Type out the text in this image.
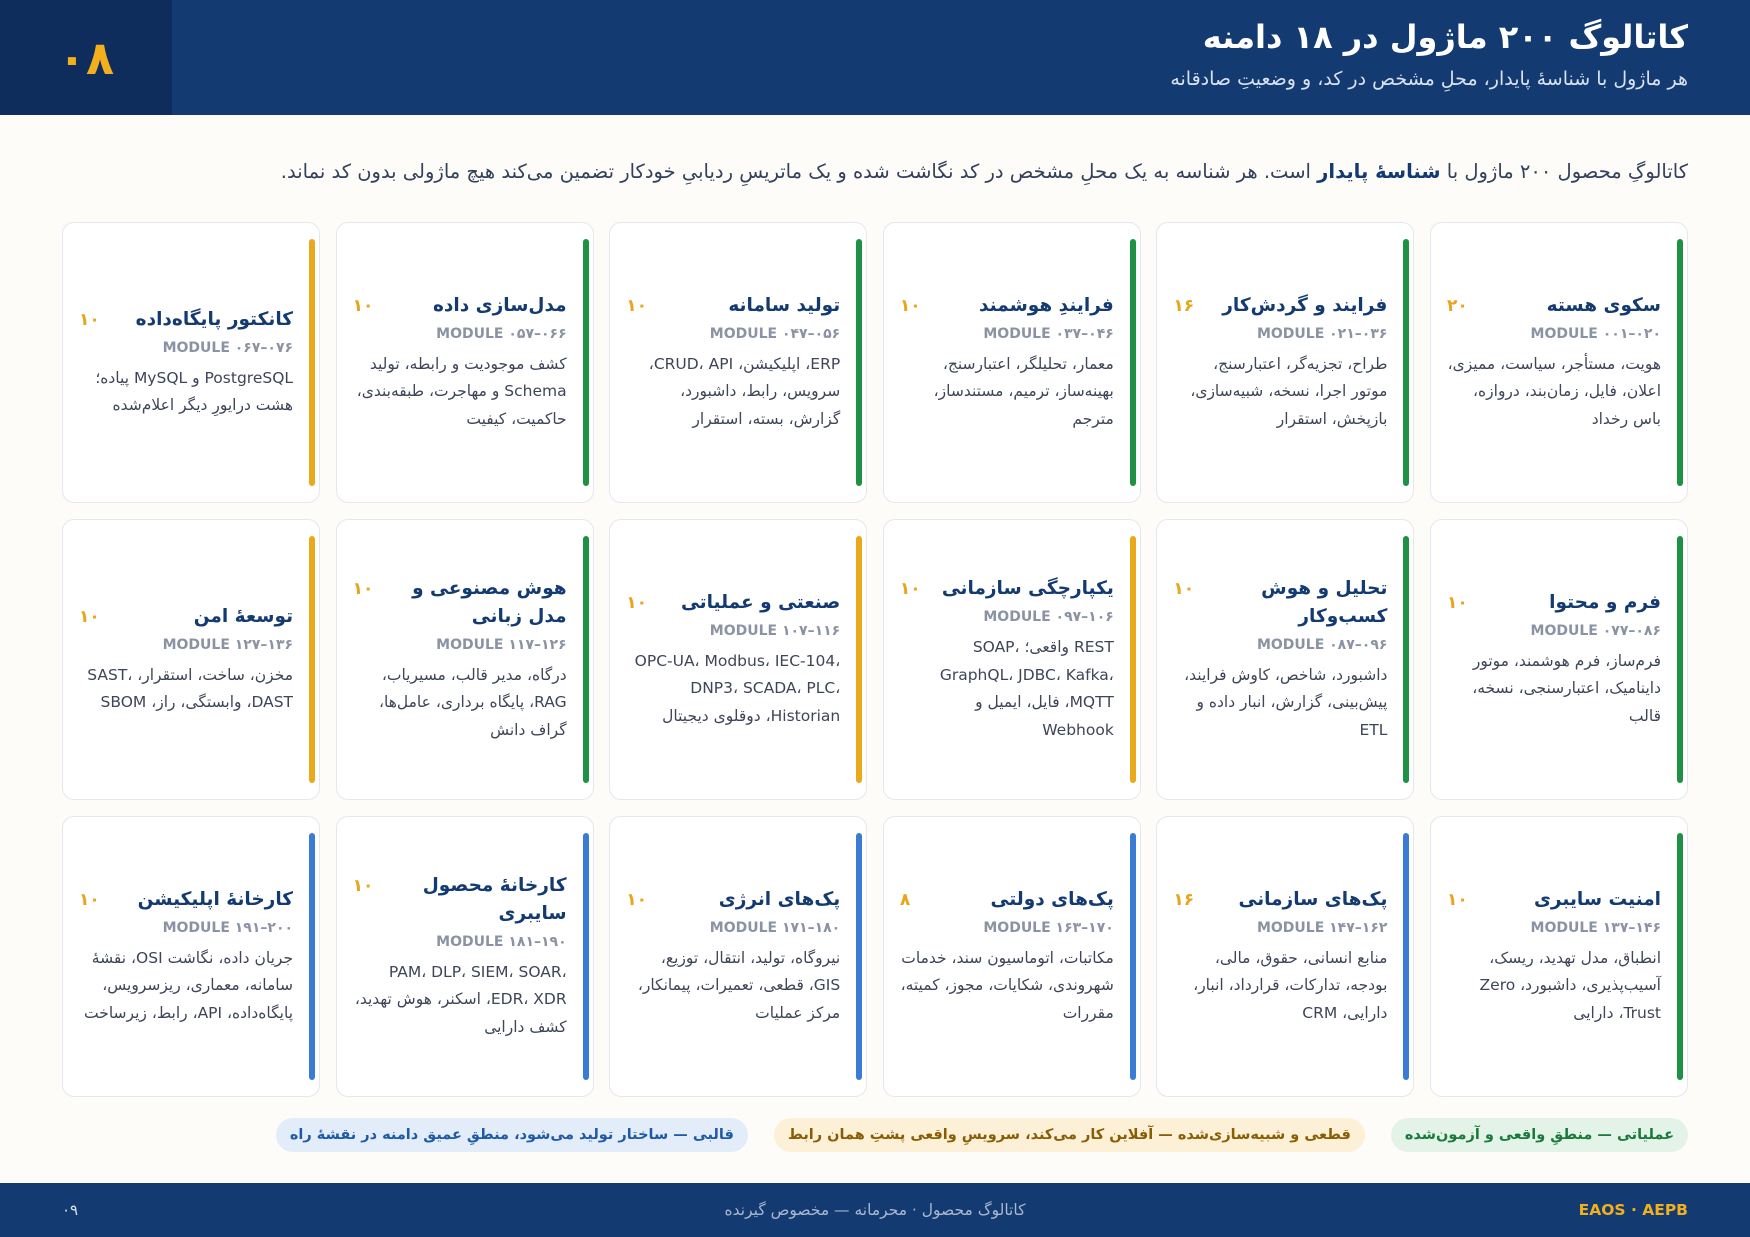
کاتالوگ ۲۰۰ ماژول در ۱۸ دامنه
هر ماژول با شناسهٔ پایدار، محلِ مشخص در کد، و وضعیتِ صادقانه
۰۸

کاتالوگِ محصول ۲۰۰ ماژول با شناسهٔ پایدار است. هر شناسه به یک محلِ مشخص در کد نگاشت شده و یک ماتریسِ ردیابیِ خودکار تضمین می‌کند هیچ ماژولی بدون کد نماند.

سکوی هسته
۲۰
MODULE ۰۰۱–۰۲۰
هویت، مستأجر، سیاست، ممیزی، اعلان، فایل، زمان‌بند، دروازه، باس رخداد
فرایند و گردش‌کار
۱۶
MODULE ۰۲۱–۰۳۶
طراح، تجزیه‌گر، اعتبارسنج، موتور اجرا، نسخه، شبیه‌سازی، بازپخش، استقرار
فرایندِ هوشمند
۱۰
MODULE ۰۳۷–۰۴۶
معمار، تحلیلگر، اعتبارسنج، بهینه‌ساز، ترمیم، مستندساز، مترجم
تولید سامانه
۱۰
MODULE ۰۴۷–۰۵۶
ERP، اپلیکیشن، CRUD، API، سرویس، رابط، داشبورد، گزارش، بسته، استقرار
مدل‌سازی داده
۱۰
MODULE ۰۵۷–۰۶۶
کشف موجودیت و رابطه، تولید Schema و مهاجرت، طبقه‌بندی، حاکمیت، کیفیت
کانکتور پایگاه‌داده
۱۰
MODULE ۰۶۷–۰۷۶
PostgreSQL و MySQL پیاده؛ هشت درایورِ دیگر اعلام‌شده
فرم و محتوا
۱۰
MODULE ۰۷۷–۰۸۶
فرم‌ساز، فرم هوشمند، موتور داینامیک، اعتبارسنجی، نسخه، قالب
تحلیل و هوش کسب‌وکار
۱۰
MODULE ۰۸۷–۰۹۶
داشبورد، شاخص، کاوش فرایند، پیش‌بینی، گزارش، انبار داده و ETL
یکپارچگی سازمانی
۱۰
MODULE ۰۹۷–۱۰۶
REST واقعی؛ SOAP، GraphQL، JDBC، Kafka، MQTT، فایل، ایمیل و Webhook
صنعتی و عملیاتی
۱۰
MODULE ۱۰۷–۱۱۶
OPC-UA، Modbus، IEC-104، DNP3، SCADA، PLC، Historian، دوقلوی دیجیتال
هوش مصنوعی و مدل زبانی
۱۰
MODULE ۱۱۷–۱۲۶
درگاه، مدیر قالب، مسیریاب، RAG، پایگاه برداری، عامل‌ها، گراف دانش
توسعهٔ امن
۱۰
MODULE ۱۲۷–۱۳۶
مخزن، ساخت، استقرار، SAST، DAST، وابستگی، راز، SBOM
امنیت سایبری
۱۰
MODULE ۱۳۷–۱۴۶
انطباق، مدل تهدید، ریسک، آسیب‌پذیری، داشبورد، Zero Trust، دارایی
پک‌های سازمانی
۱۶
MODULE ۱۴۷–۱۶۲
منابع انسانی، حقوق، مالی، بودجه، تدارکات، قرارداد، انبار، دارایی، CRM
پک‌های دولتی
۸
MODULE ۱۶۳–۱۷۰
مکاتبات، اتوماسیون سند، خدمات شهروندی، شکایات، مجوز، کمیته، مقررات
پک‌های انرژی
۱۰
MODULE ۱۷۱–۱۸۰
نیروگاه، تولید، انتقال، توزیع، GIS، قطعی، تعمیرات، پیمانکار، مرکز عملیات
کارخانهٔ محصول سایبری
۱۰
MODULE ۱۸۱–۱۹۰
PAM، DLP، SIEM، SOAR، EDR، XDR، اسکنر، هوش تهدید، کشف دارایی
کارخانهٔ اپلیکیشن
۱۰
MODULE ۱۹۱–۲۰۰
جریان داده، نگاشت OSI، نقشهٔ سامانه، معماری، ریزسرویس، پایگاه‌داده، API، رابط، زیرساخت
عملیاتی — منطقِ واقعی و آزمون‌شده
قطعی و شبیه‌سازی‌شده — آفلاین کار می‌کند، سرویسِ واقعی پشتِ همان رابط
قالبی — ساختار تولید می‌شود، منطقِ عمیق دامنه در نقشهٔ راه
EAOS · AEPB
کاتالوگ محصول · محرمانه — مخصوص گیرنده
۰۹
